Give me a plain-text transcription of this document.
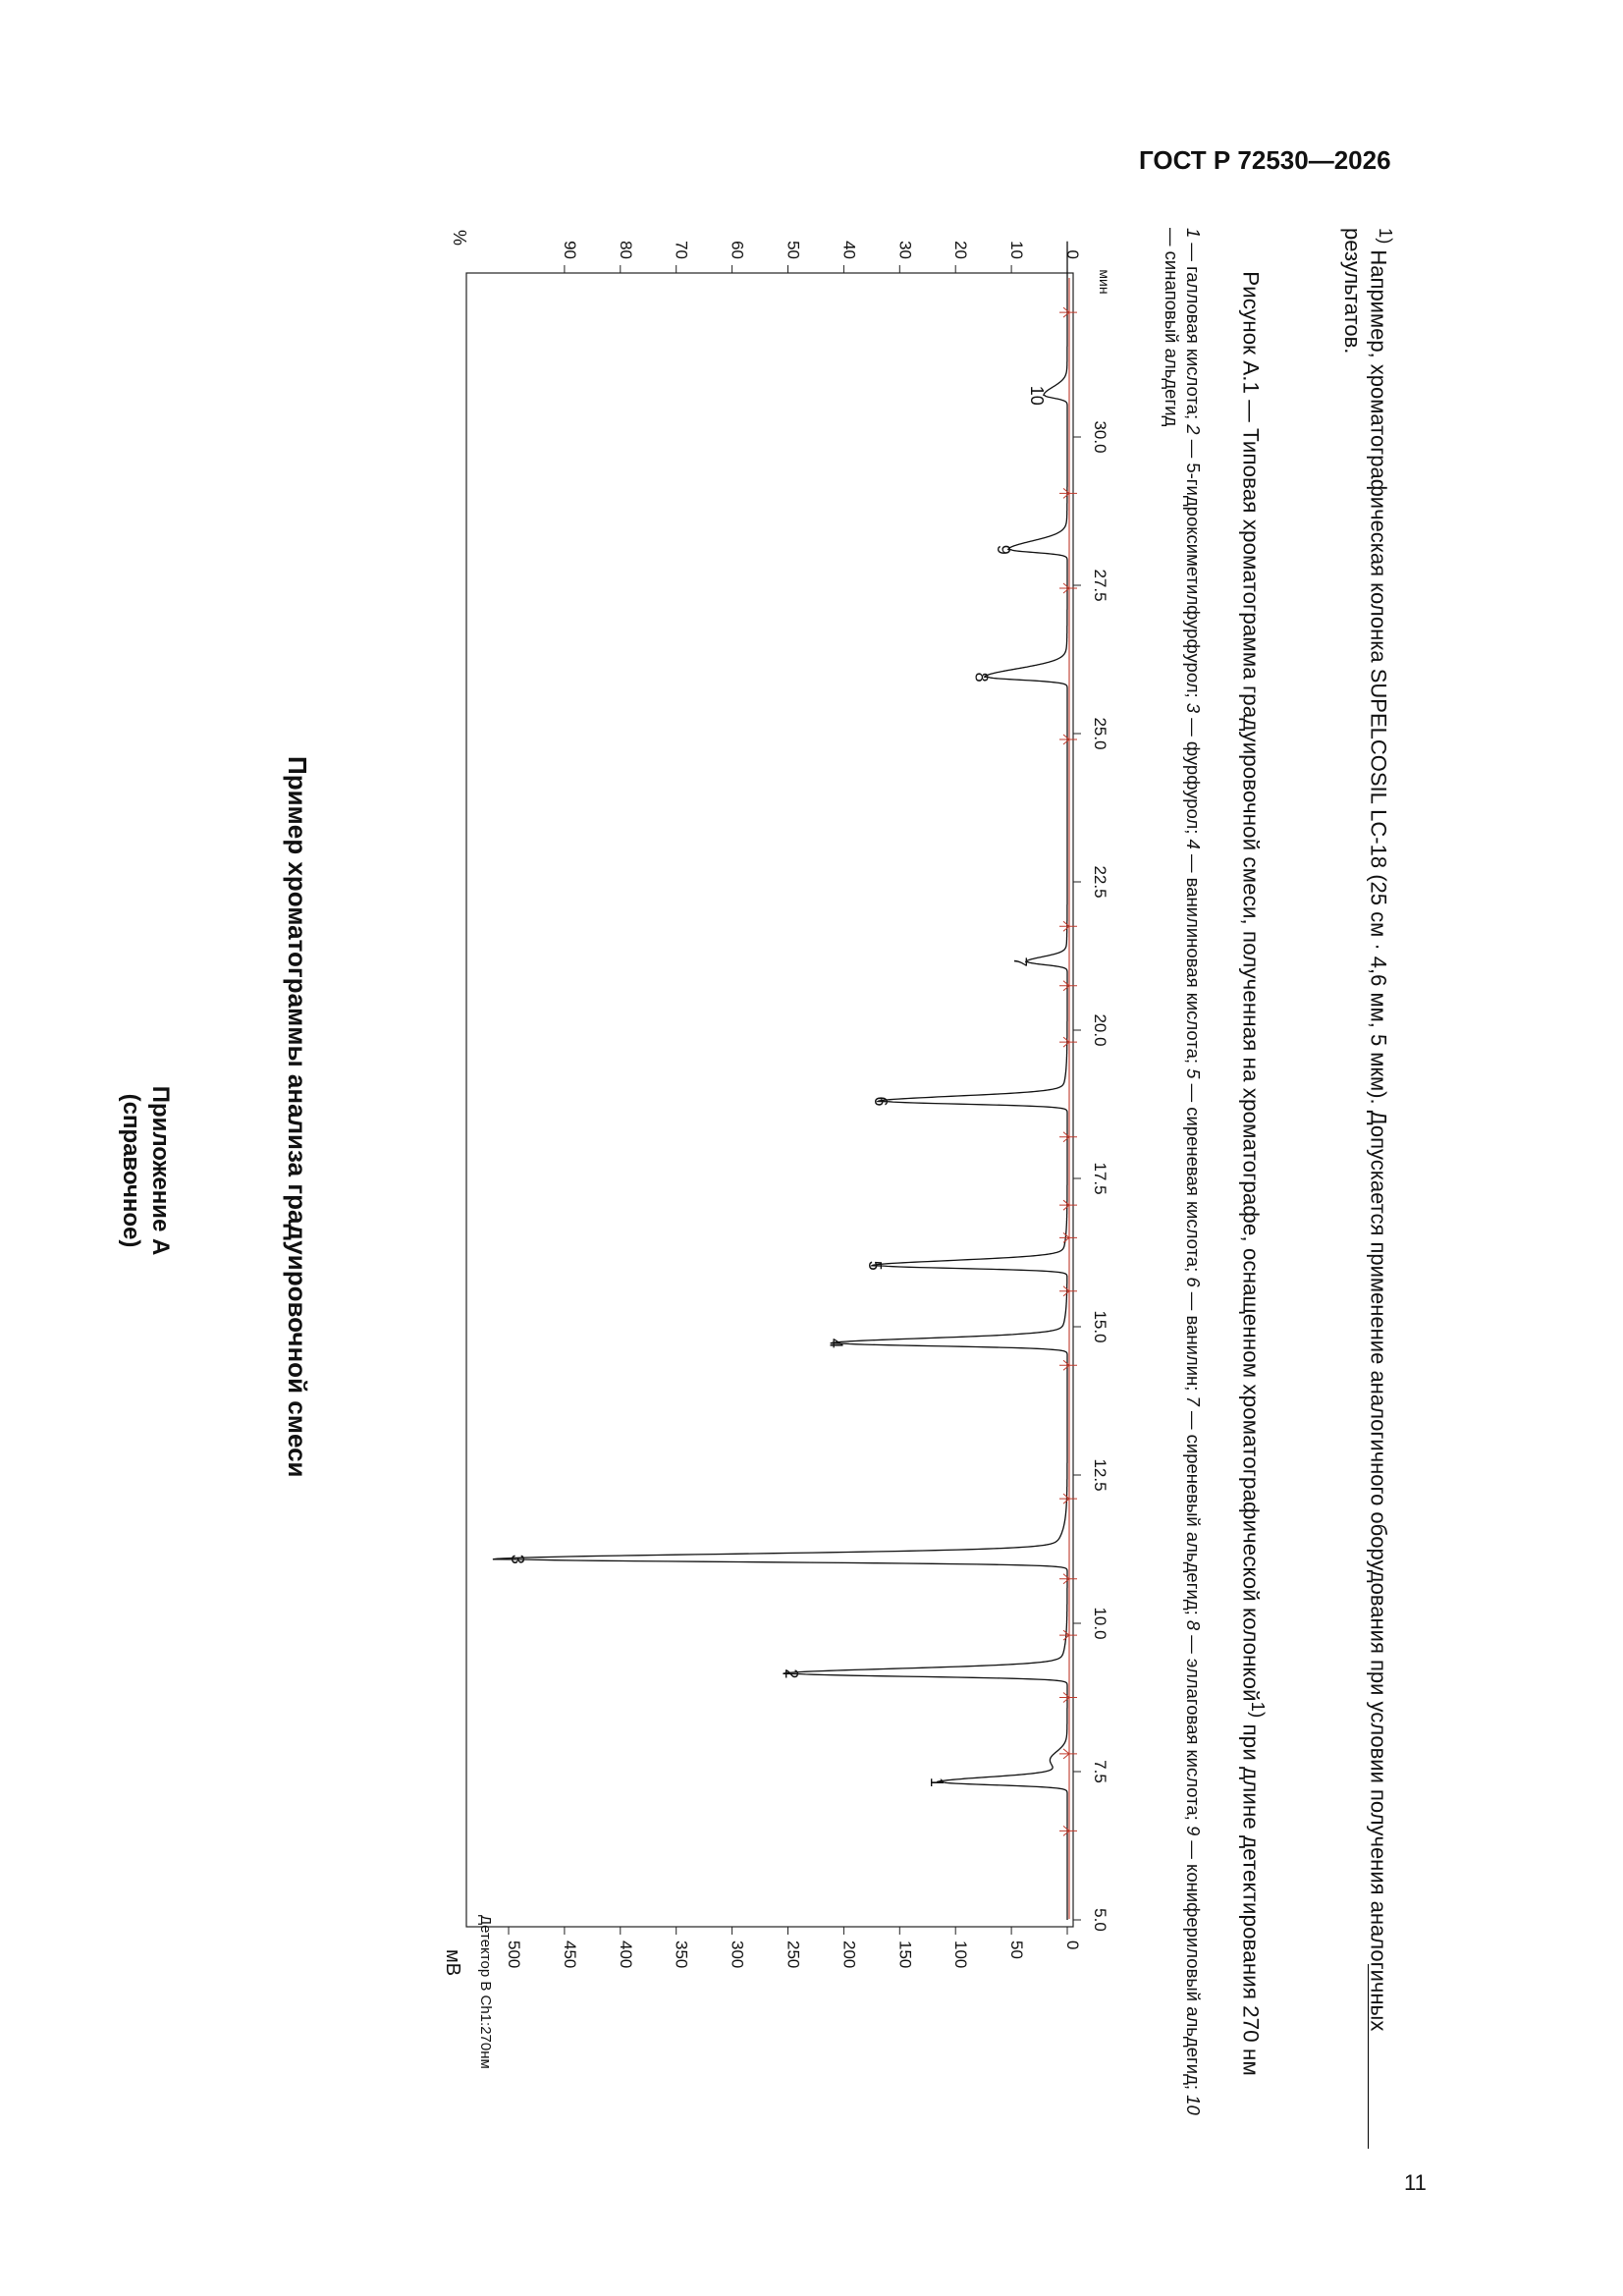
ГОСТ Р 72530—2026
Приложение А
(справочное)	Пример хроматограммы анализа градуировочной смеси
Детектор B Ch1:270нм	0
50
100
150
200
250
300
350
400
450
500
мВ
0
10
20
30
40
50
60
70
80
90
%
5.0
7.5
10.0
12.5
15.0
17.5
20.0
22.5
25.0
27.5
30.0
мин
1
2
3
4
5
6
7
8
9
10
1 — галловая кислота; 2 — 5-гидроксиметилфурфурол; 3 — фурфурол; 4 — ванилиновая кислота; 5 — сиреневая кислота; 6 — ванилин; 7 — сиреневый альдегид; 8 — эллаговая кислота; 9 — конифериловый альдегид; 10 — синаповый альдегид	Рисунок А.1 — Типовая хроматограмма градуировочной смеси, полученная на хроматографе, оснащенном хроматографической колонкой$^{1)}$ при длине детектирования 270 нм
$^{1)}$ Например, хроматографическая колонка SUPELCOSIL LC-18 (25 см · 4,6 мм, 5 мкм). Допускается применение аналогичного оборудования при условии получения аналогичных результатов.
11
